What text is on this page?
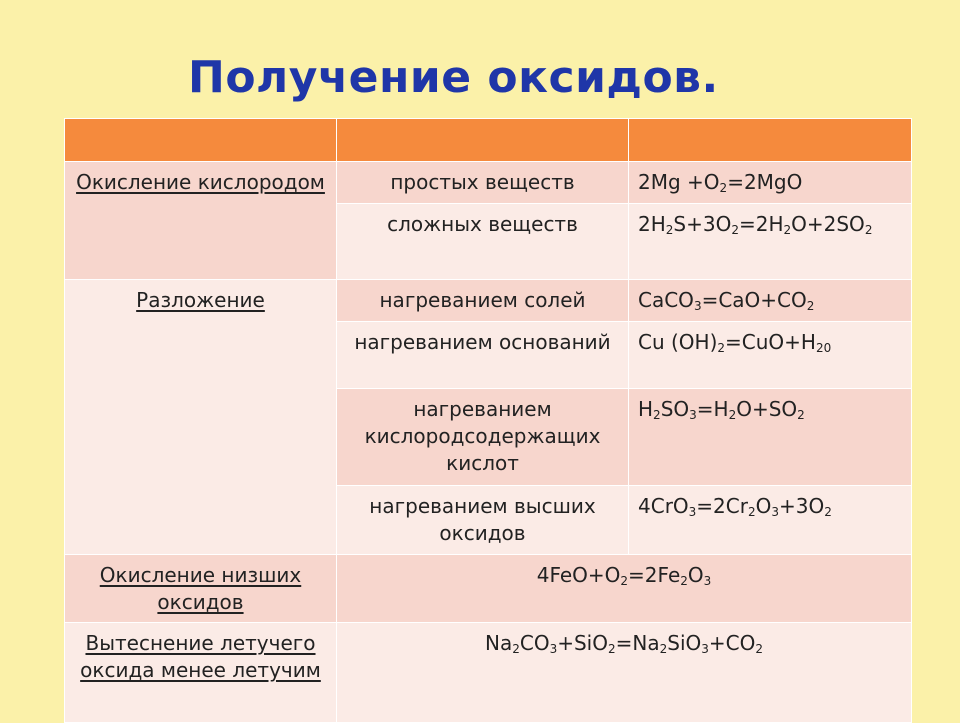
Получение оксидов.

Окисление кислородом	простых веществ	$2Mg +O_2=2MgO$
	сложных веществ	$2H_2S+3O_2=2H_2O+2SO_2$
Разложение	нагреванием солей	$CaCO_3=CaO+CO_2$
	нагреванием оснований	Cu $(OH)_2=CuO+H_{20}$
	нагреванием кислородсодержащих кислот	$H_2SO_3=H_2O+SO_2$
	нагреванием высших оксидов	$4CrO_3=2Cr_2O_3+3O_2$
Окисление низших оксидов	$4FeO+O_2=2Fe_2O_3$
Вытеснение летучего оксида менее летучим	$Na_2CO_3+SiO_2=Na_2SiO_3+CO_2$
